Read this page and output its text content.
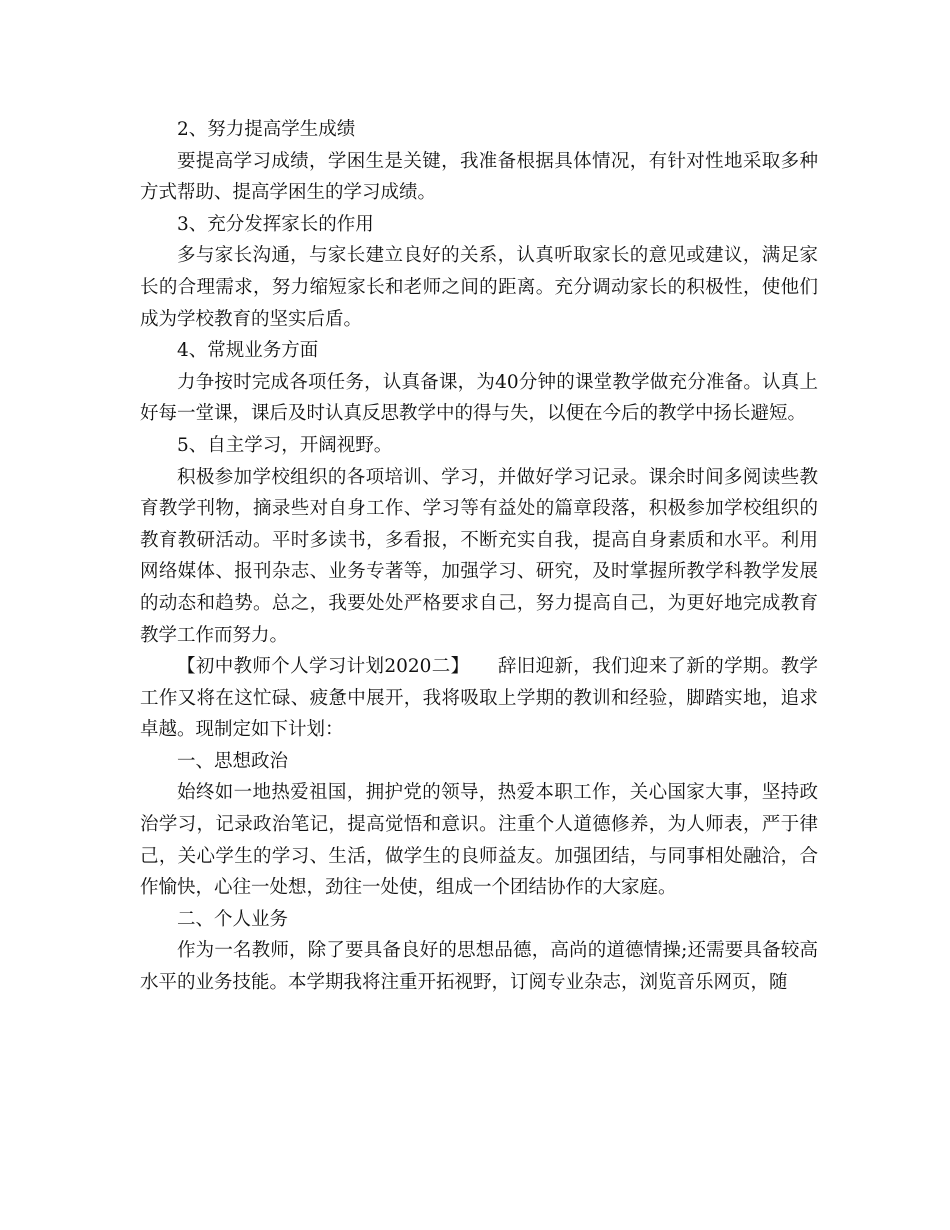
2、努力提高学生成绩

要提高学习成绩，学困生是关键，我准备根据具体情况，有针对性地采取多种方式帮助、提高学困生的学习成绩。

3、充分发挥家长的作用

多与家长沟通，与家长建立良好的关系，认真听取家长的意见或建议，满足家长的合理需求，努力缩短家长和老师之间的距离。充分调动家长的积极性，使他们成为学校教育的坚实后盾。

4、常规业务方面

力争按时完成各项任务，认真备课，为40分钟的课堂教学做充分准备。认真上好每一堂课，课后及时认真反思教学中的得与失，以便在今后的教学中扬长避短。

5、自主学习，开阔视野。

积极参加学校组织的各项培训、学习，并做好学习记录。课余时间多阅读些教育教学刊物，摘录些对自身工作、学习等有益处的篇章段落，积极参加学校组织的教育教研活动。平时多读书，多看报，不断充实自我，提高自身素质和水平。利用网络媒体、报刊杂志、业务专著等，加强学习、研究，及时掌握所教学科教学发展的动态和趋势。总之，我要处处严格要求自己，努力提高自己，为更好地完成教育教学工作而努力。

【初中教师个人学习计划2020二】　　辞旧迎新，我们迎来了新的学期。教学工作又将在这忙碌、疲惫中展开，我将吸取上学期的教训和经验，脚踏实地，追求卓越。现制定如下计划：

一、思想政治

始终如一地热爱祖国，拥护党的领导，热爱本职工作，关心国家大事，坚持政治学习，记录政治笔记，提高觉悟和意识。注重个人道德修养，为人师表，严于律己，关心学生的学习、生活，做学生的良师益友。加强团结，与同事相处融洽，合作愉快，心往一处想，劲往一处使，组成一个团结协作的大家庭。

二、个人业务

作为一名教师，除了要具备良好的思想品德，高尚的道德情操;还需要具备较高水平的业务技能。本学期我将注重开拓视野，订阅专业杂志，浏览音乐网页，随
